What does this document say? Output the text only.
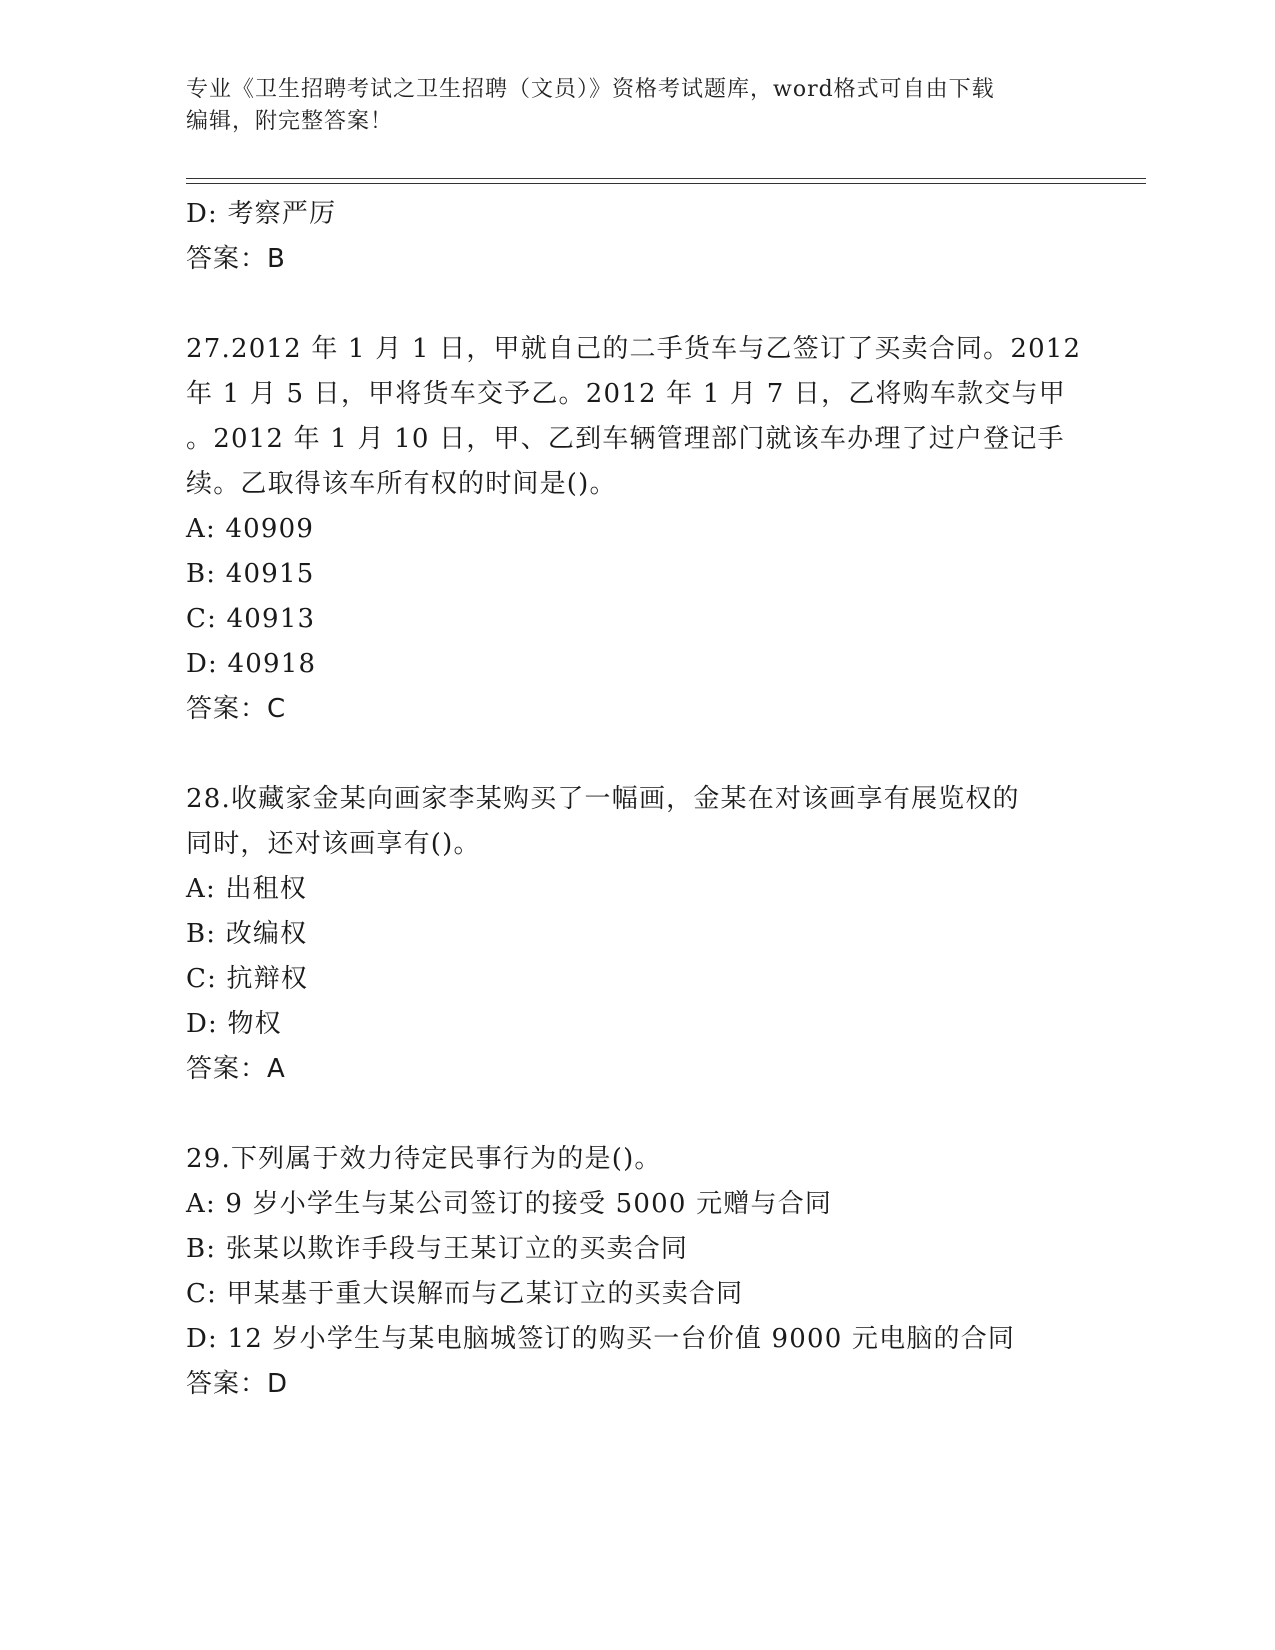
专业《卫生招聘考试之卫生招聘（文员）》资格考试题库，word格式可自由下载
编辑，附完整答案！
D: 考察严厉
答案：B
27.2012 年 1 月 1 日，甲就自己的二手货车与乙签订了买卖合同。2012
年 1 月 5 日，甲将货车交予乙。2012 年 1 月 7 日，乙将购车款交与甲
。2012 年 1 月 10 日，甲、乙到车辆管理部门就该车办理了过户登记手
续。乙取得该车所有权的时间是()。
A: 40909
B: 40915
C: 40913
D: 40918
答案：C
28.收藏家金某向画家李某购买了一幅画，金某在对该画享有展览权的
同时，还对该画享有()。
A: 出租权
B: 改编权
C: 抗辩权
D: 物权
答案：A
29.下列属于效力待定民事行为的是()。
A: 9 岁小学生与某公司签订的接受 5000 元赠与合同
B: 张某以欺诈手段与王某订立的买卖合同
C: 甲某基于重大误解而与乙某订立的买卖合同
D: 12 岁小学生与某电脑城签订的购买一台价值 9000 元电脑的合同
答案：D
